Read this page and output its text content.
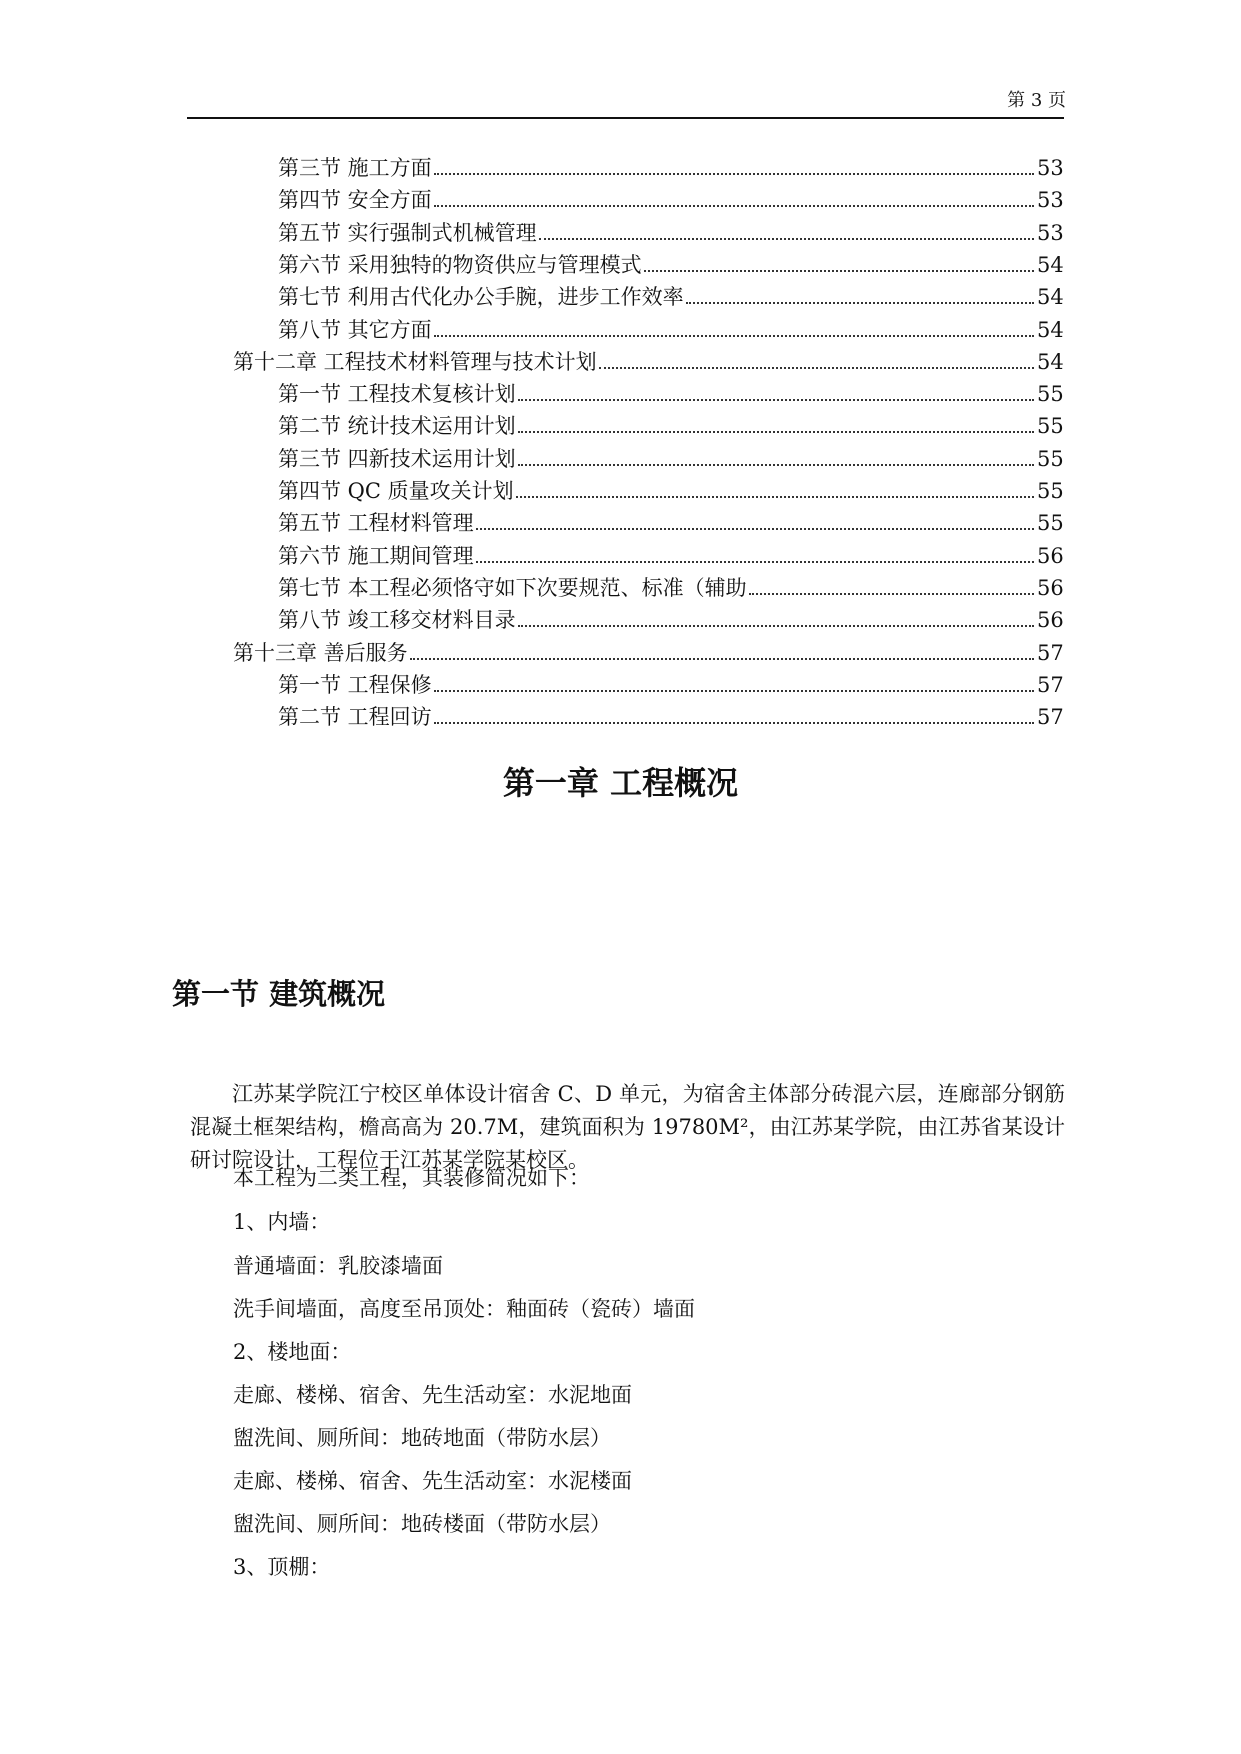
第 3 页
第三节 施工方面	53
第四节 安全方面	53
第五节 实行强制式机械管理	53
第六节 采用独特的物资供应与管理模式	54
第七节 利用古代化办公手腕，进步工作效率	54
第八节 其它方面	54
第十二章 工程技术材料管理与技术计划	54
第一节 工程技术复核计划	55
第二节 统计技术运用计划	55
第三节 四新技术运用计划	55
第四节 QC 质量攻关计划	55
第五节 工程材料管理	55
第六节 施工期间管理	56
第七节 本工程必须恪守如下次要规范、标准（辅助	56
第八节 竣工移交材料目录	56
第十三章 善后服务	57
第一节 工程保修	57
第二节 工程回访	57
第一章 工程概况
第一节 建筑概况
江苏某学院江宁校区单体设计宿舍 C、D 单元，为宿舍主体部分砖混六层，连廊部分钢筋混凝土框架结构，檐高高为 20.7M，建筑面积为 19780M²，由江苏某学院，由江苏省某设计研讨院设计，工程位于江苏某学院某校区。
本工程为二类工程，其装修简况如下：
1、内墙：
普通墙面：乳胶漆墙面
洗手间墙面，高度至吊顶处：釉面砖（瓷砖）墙面
2、楼地面：
走廊、楼梯、宿舍、先生活动室：水泥地面
盥洗间、厕所间：地砖地面（带防水层）
走廊、楼梯、宿舍、先生活动室：水泥楼面
盥洗间、厕所间：地砖楼面（带防水层）
3、顶棚：
